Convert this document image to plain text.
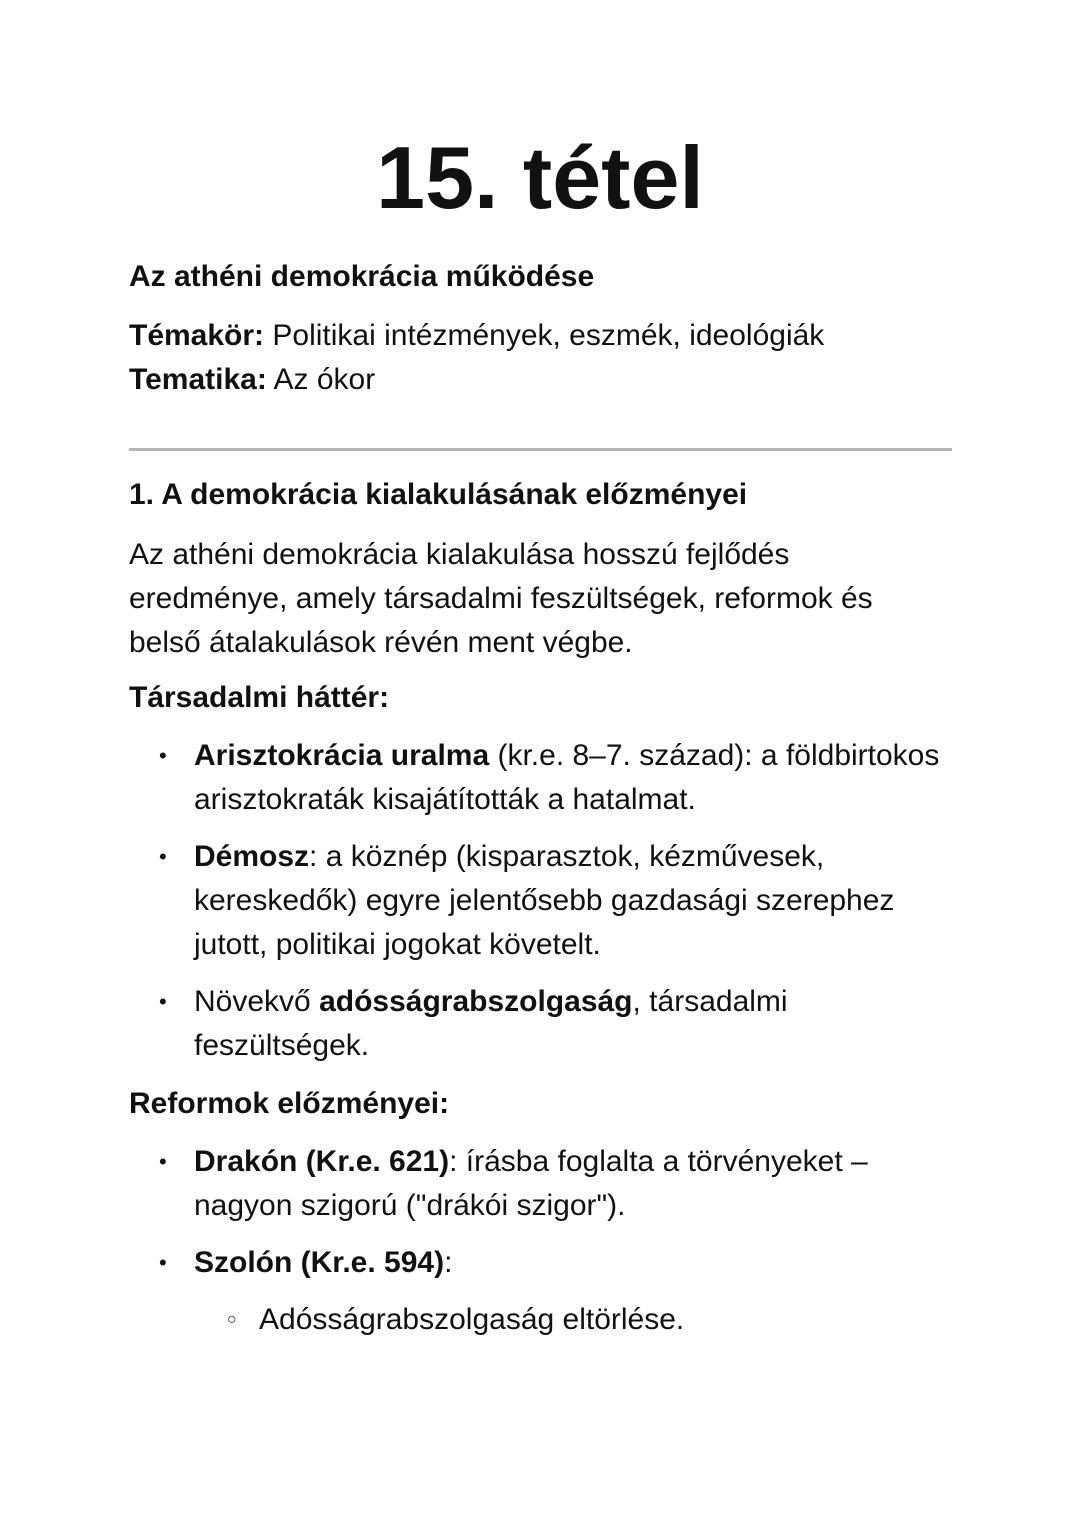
15. tétel
Az athéni demokrácia működése
Témakör: Politikai intézmények, eszmék, ideológiák
Tematika: Az ókor
1. A demokrácia kialakulásának előzményei

Az athéni demokrácia kialakulása hosszú fejlődés eredménye, amely társadalmi feszültségek, reformok és belső átalakulások révén ment végbe.

Társadalmi háttér:
• Arisztokrácia uralma (kr.e. 8–7. század): a földbirtokos arisztokraták kisajátították a hatalmat.
• Démosz: a köznép (kisparasztok, kézművesek, kereskedők) egyre jelentősebb gazdasági szerephez jutott, politikai jogokat követelt.
• Növekvő adósságrabszolgaság, társadalmi feszültségek.
Reformok előzményei:
• Drakón (Kr.e. 621): írásba foglalta a törvényeket – nagyon szigorú ("drákói szigor").
• Szolón (Kr.e. 594):
○ Adósságrabszolgaság eltörlése.
